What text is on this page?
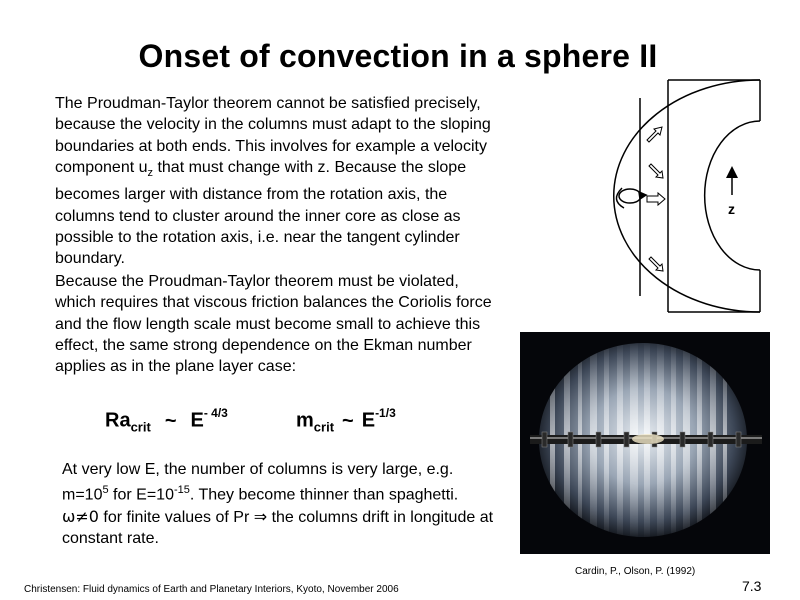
Onset of convection in a sphere II
The Proudman-Taylor theorem cannot be satisfied precisely, because the velocity in the columns must adapt to the sloping boundaries at both ends. This involves for example a velocity component $u_z$ that must change with z. Because the slope becomes larger with distance from the rotation axis, the columns tend to cluster around the inner core as close as possible to the rotation axis, i.e. near the tangent cylinder boundary.
Because the Proudman-Taylor theorem must be violated, which requires that viscous friction balances the Coriolis force and the flow length scale must become small to achieve this effect, the same strong dependence on the Ekman number applies as in the plane layer case:
$Ra_{crit}$ ~ $E^{- 4/3}$	$m_{crit}$ ~ $E^{-1/3}$
At very low E, the number of columns is very large, e.g.
$m=10^5$ for $E=10^{-15}$. They become thinner than spaghetti.
ω≠0 for finite values of Pr ⇒ the columns drift in longitude at constant rate.
z
Cardin, P., Olson, P. (1992)
Christensen: Fluid dynamics of Earth and Planetary Interiors, Kyoto, November 2006	7.3
